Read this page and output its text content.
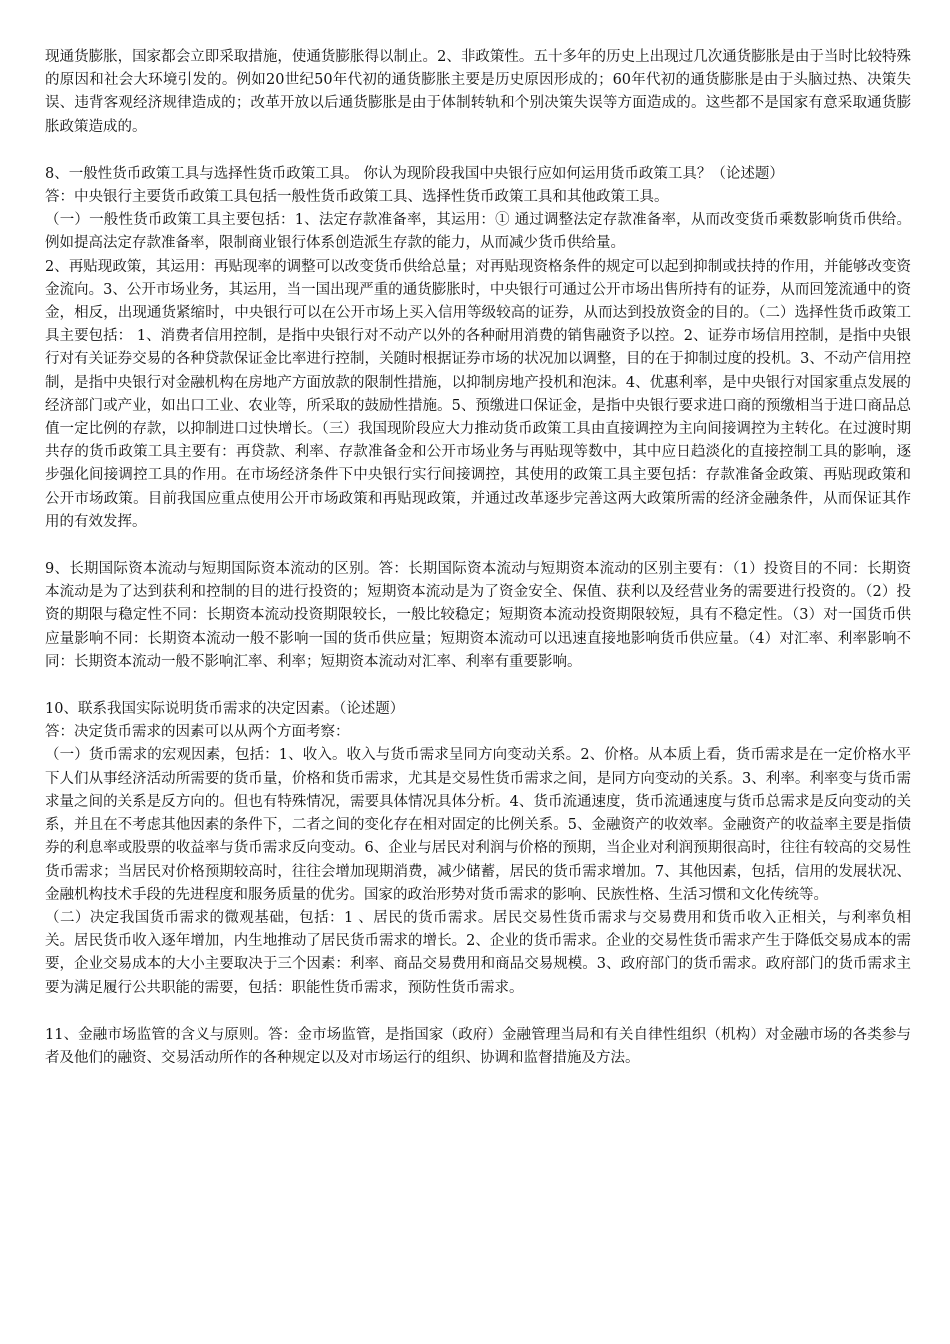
现通货膨胀，国家都会立即采取措施，使通货膨胀得以制止。2、非政策性。五十多年的历史上出现过几次通货膨胀是由于当时比较特殊的原因和社会大环境引发的。例如20世纪50年代初的通货膨胀主要是历史原因形成的；60年代初的通货膨胀是由于头脑过热、决策失误、违背客观经济规律造成的；改革开放以后通货膨胀是由于体制转轨和个别决策失误等方面造成的。这些都不是国家有意采取通货膨胀政策造成的。

8、一般性货币政策工具与选择性货币政策工具。 你认为现阶段我国中央银行应如何运用货币政策工具？（论述题）

答：中央银行主要货币政策工具包括一般性货币政策工具、选择性货币政策工具和其他政策工具。

（一）一般性货币政策工具主要包括：1、法定存款准备率，其运用：① 通过调整法定存款准备率，从而改变货币乘数影响货币供给。例如提高法定存款准备率，限制商业银行体系创造派生存款的能力，从而减少货币供给量。

2、再贴现政策，其运用：再贴现率的调整可以改变货币供给总量；对再贴现资格条件的规定可以起到抑制或扶持的作用，并能够改变资金流向。3、公开市场业务，其运用，当一国出现严重的通货膨胀时，中央银行可通过公开市场出售所持有的证券，从而回笼流通中的资金，相反，出现通货紧缩时，中央银行可以在公开市场上买入信用等级较高的证券，从而达到投放资金的目的。（二）选择性货币政策工具主要包括： 1、消费者信用控制，是指中央银行对不动产以外的各种耐用消费的销售融资予以控。2、证券市场信用控制，是指中央银行对有关证券交易的各种贷款保证金比率进行控制，关随时根据证券市场的状况加以调整，目的在于抑制过度的投机。3、不动产信用控制，是指中央银行对金融机构在房地产方面放款的限制性措施，以抑制房地产投机和泡沫。4、优惠利率，是中央银行对国家重点发展的经济部门或产业，如出口工业、农业等，所采取的鼓励性措施。5、预缴进口保证金，是指中央银行要求进口商的预缴相当于进口商品总值一定比例的存款，以抑制进口过快增长。（三）我国现阶段应大力推动货币政策工具由直接调控为主向间接调控为主转化。在过渡时期共存的货币政策工具主要有：再贷款、利率、存款准备金和公开市场业务与再贴现等数中，其中应日趋淡化的直接控制工具的影响，逐步强化间接调控工具的作用。在市场经济条件下中央银行实行间接调控，其使用的政策工具主要包括：存款准备金政策、再贴现政策和公开市场政策。目前我国应重点使用公开市场政策和再贴现政策，并通过改革逐步完善这两大政策所需的经济金融条件，从而保证其作用的有效发挥。

9、长期国际资本流动与短期国际资本流动的区别。答：长期国际资本流动与短期资本流动的区别主要有：（1）投资目的不同：长期资本流动是为了达到获利和控制的目的进行投资的；短期资本流动是为了资金安全、保值、获利以及经营业务的需要进行投资的。（2）投资的期限与稳定性不同：长期资本流动投资期限较长，一般比较稳定；短期资本流动投资期限较短，具有不稳定性。（3）对一国货币供应量影响不同：长期资本流动一般不影响一国的货币供应量；短期资本流动可以迅速直接地影响货币供应量。（4）对汇率、利率影响不同：长期资本流动一般不影响汇率、利率；短期资本流动对汇率、利率有重要影响。

10、联系我国实际说明货币需求的决定因素。（论述题）

答：决定货币需求的因素可以从两个方面考察：

（一）货币需求的宏观因素，包括：1、收入。收入与货币需求呈同方向变动关系。2、价格。从本质上看，货币需求是在一定价格水平下人们从事经济活动所需要的货币量，价格和货币需求，尤其是交易性货币需求之间，是同方向变动的关系。3、利率。利率变与货币需求量之间的关系是反方向的。但也有特殊情况，需要具体情况具体分析。4、货币流通速度，货币流通速度与货币总需求是反向变动的关系，并且在不考虑其他因素的条件下，二者之间的变化存在相对固定的比例关系。5、金融资产的收效率。金融资产的收益率主要是指债券的利息率或股票的收益率与货币需求反向变动。6、企业与居民对利润与价格的预期，当企业对利润预期很高时，往往有较高的交易性货币需求；当居民对价格预期较高时，往往会增加现期消费，减少储蓄，居民的货币需求增加。7、其他因素，包括，信用的发展状况、金融机构技术手段的先进程度和服务质量的优劣。国家的政治形势对货币需求的影响、民族性格、生活习惯和文化传统等。

（二）决定我国货币需求的微观基础，包括：1 、居民的货币需求。居民交易性货币需求与交易费用和货币收入正相关，与利率负相关。居民货币收入逐年增加，内生地推动了居民货币需求的增长。2、企业的货币需求。企业的交易性货币需求产生于降低交易成本的需要，企业交易成本的大小主要取决于三个因素：利率、商品交易费用和商品交易规模。3、政府部门的货币需求。政府部门的货币需求主要为满足履行公共职能的需要，包括：职能性货币需求，预防性货币需求。

11、金融市场监管的含义与原则。答：金市场监管，是指国家（政府）金融管理当局和有关自律性组织（机构）对金融市场的各类参与者及他们的融资、交易活动所作的各种规定以及对市场运行的组织、协调和监督措施及方法。
